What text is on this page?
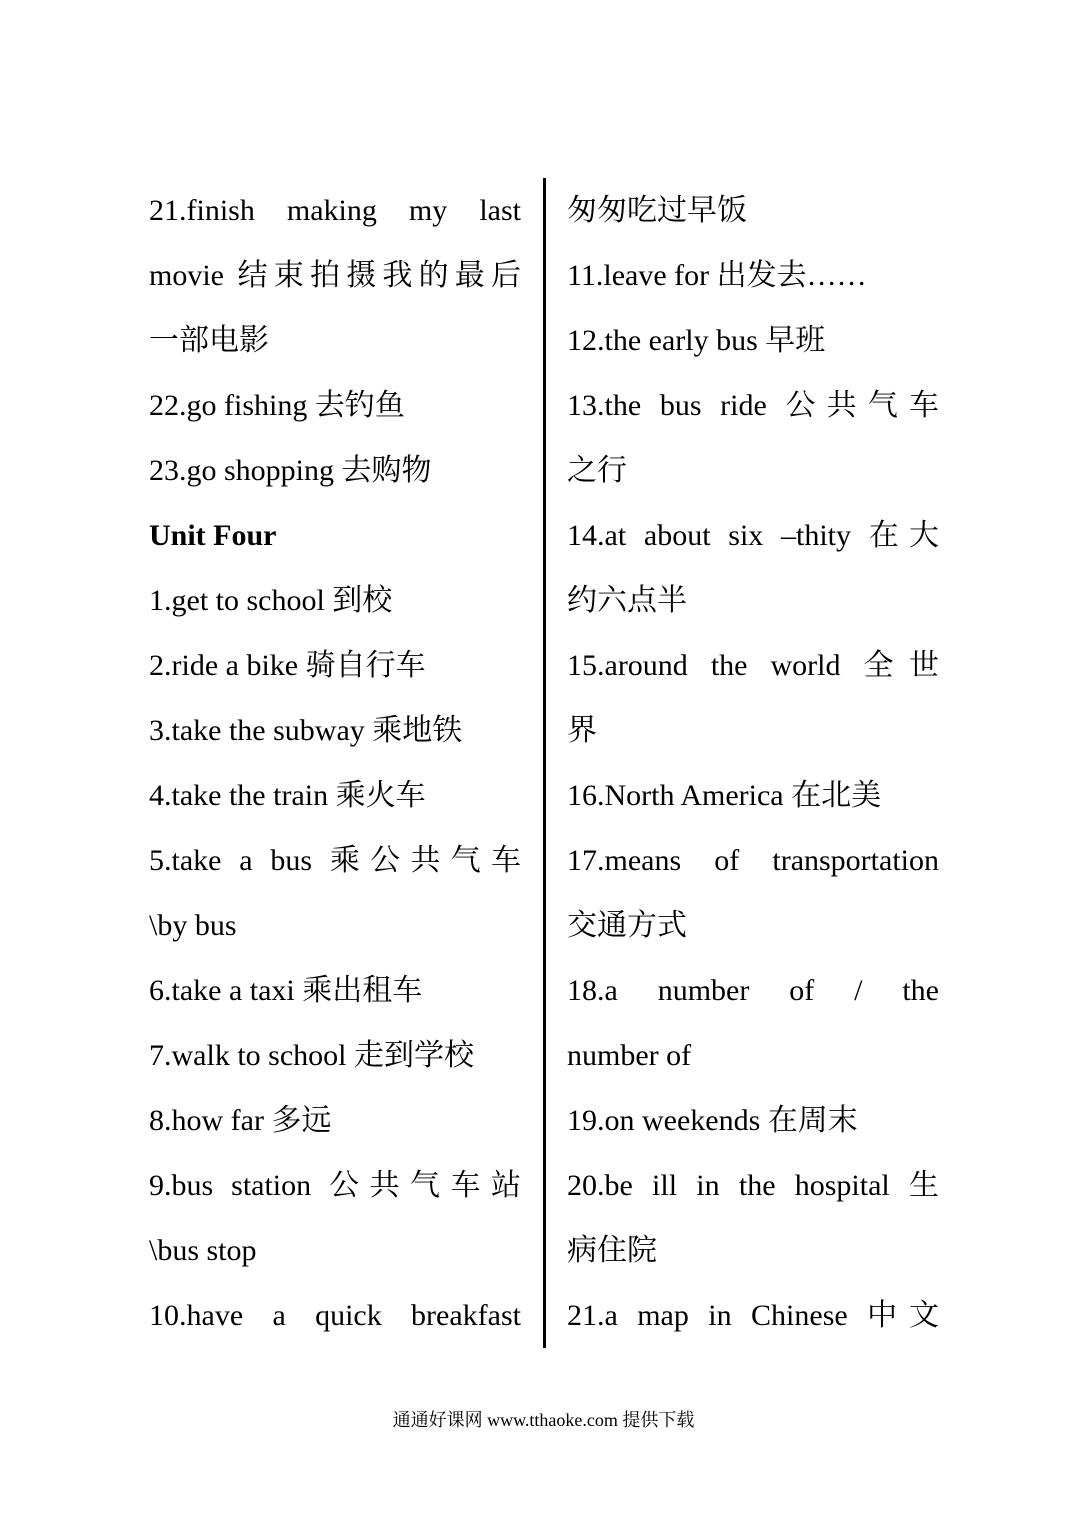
21.finish making my last
movie 结束拍摄我的最后
一部电影
22.go fishing 去钓鱼
23.go shopping 去购物
Unit Four
1.get to school 到校
2.ride a bike 骑自行车
3.take the subway 乘地铁
4.take the train 乘火车
5.take a bus 乘公共气车
\by bus
6.take a taxi 乘出租车
7.walk to school 走到学校
8.how far 多远
9.bus station 公共气车站
\bus stop
10.have a quick breakfast
匆匆吃过早饭
11.leave for 出发去……
12.the early bus 早班
13.the bus ride 公共气车
之行
14.at about six –thity 在大
约六点半
15.around the world 全世
界
16.North America 在北美
17.means of transportation
交通方式
18.a number of / the
number of
19.on weekends 在周末
20.be ill in the hospital 生
病住院
21.a map in Chinese 中文
通通好课网 www.tthaoke.com 提供下载
